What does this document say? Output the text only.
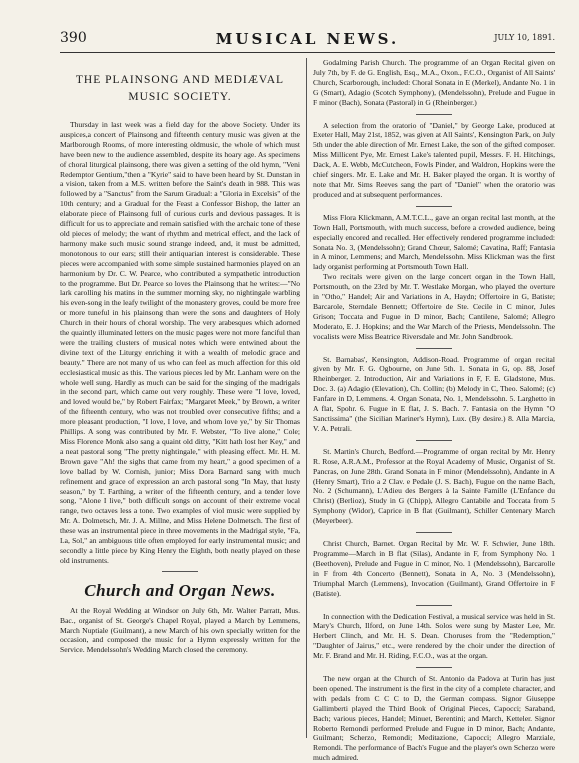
390	MUSICAL NEWS.	JULY 10, 1891.
THE PLAINSONG AND MEDIÆVAL MUSIC SOCIETY.

Thursday in last week was a field day for the above Society. Under its auspices,a concert of Plainsong and fifteenth century music was given at the Marlborough Rooms, of more interesting oldmusic, the whole of which must have been new to the audience assembled, despite its hoary age. As specimens of choral liturgical plainsong, there was given a setting of the old hymn, "Veni Redemptor Gentium,"then a "Kyrie" said to have been heard by St. Dunstan in a vision, taken from a M.S. written before the Saint's death in 988. This was followed by a "Sanctus" from the Sarum Gradual: a "Gloria in Excelsis" of the 10th century; and a Gradual for the Feast a Confessor Bishop, the latter an elaborate piece of Plainsong full of curious curls and devious passages. It is difficult for us to appreciate and remain satisfied with the archaic tone of these old pieces of melody; the want of rhythm and metrical effect, and the lack of harmony make such music sound strange indeed, and, it must be admitted, monotonous to our ears; still their antiquarian interest is considerable. These pieces were accompanied with some simple sustained harmonies played on an harmonium by Dr. C. W. Pearce, who contributed a sympathetic introduction to the programme. But Dr. Pearce so loves the Plainsong that he writes:—"No lark carolling his matins in the summer morning sky, no nightingale warbling his even-song in the leafy twilight of the monastery groves, could be more free or more tuneful in his plainsong than were the sons and daughters of Holy Church in their hours of choral worship. The very arabesques which adorned the quaintly illuminated letters on the music pages were not more fanciful than were the trailing clusters of musical notes which were entwined about the divine text of the Liturgy enriching it with a wealth of melodic grace and beauty." There are not many of us who can feel as much affection for this old ecclesiastical music as this. The various pieces led by Mr. Lanham were on the whole well sung. Hardly as much can be said for the singing of the madrigals in the second part, which came out very roughly. These were "I love, loved, and loved would be," by Robert Fairfax; "Margaret Meek," by Brown, a writer of the fifteenth century, who was not troubled over consecutive fifths; and a more pleasant production, "I love, I love, and whom love ye," by Sir Thomas Phillips. A song was contributed by Mr. F. Webster, "To live alone," Cole; Miss Florence Monk also sang a quaint old ditty, "Kitt hath lost her Key," and a neat pastoral song "The pretty nightingale," with pleasing effect. Mr. H. M. Brown gave "Ah! the sighs that came from my heart," a good specimen of a love ballad by W. Cornish, junior; Miss Dora Barnard sang with much refinement and grace of expression an arch pastoral song "In May, that lusty season," by T. Farthing, a writer of the fifteenth century, and a tender love song, "Alone I live," both difficult songs on account of their extreme vocal range, two octaves less a tone. Two examples of viol music were supplied by Mr. A. Dolmetsch, Mr. J. A. Millne, and Miss Helene Dolmetsch. The first of these was an instrumental piece in three movements in the Madrigal style, "Fa, La, Sol," an ambiguous title often employed for early instrumental music; and secondly a little piece by King Henry the Eighth, both neatly played on these old instruments.

Church and Organ News.

At the Royal Wedding at Windsor on July 6th, Mr. Walter Parratt, Mus. Bac., organist of St. George's Chapel Royal, played a March by Lemmens, March Nuptiale (Guilmant), a new March of his own specially written for the occasion, and composed the music for a Hymn expressly written for the Service. Mendelssohn's Wedding March closed the ceremony.

Godalming Parish Church. The programme of an Organ Recital given on July 7th, by F. de G. English, Esq., M.A., Oxon., F.C.O., Organist of All Saints' Church, Scarborough, included: Choral Sonata in E (Merkel), Andante No. 1 in G (Smart), Adagio (Scotch Symphony), (Mendelssohn), Prelude and Fugue in F minor (Bach), Sonata (Pastoral) in G (Rheinberger.)

A selection from the oratorio of "Daniel," by George Lake, produced at Exeter Hall, May 21st, 1852, was given at All Saints', Kensington Park, on July 5th under the able direction of Mr. Ernest Lake, the son of the gifted composer. Miss Millicent Pye, Mr. Ernest Lake's talented pupil, Messrs. F. H. Hitchings, Dack, A. E. Webb, McCutcheon, Fowls Pinder, and Waldron, Hopkins were the chief singers. Mr. E. Lake and Mr. H. Baker played the organ. It is worthy of note that Mr. Sims Reeves sang the part of "Daniel" when the oratorio was produced and at subsequent performances.

Miss Flora Klickmann, A.M.T.C.L., gave an organ recital last month, at the Town Hall, Portsmouth, with much success, before a crowded audience, being especially encored and recalled. Her effectively rendered programme included: Sonata No. 3, (Mendelssohn); Grand Chœur, Salomé; Cavatina, Raff; Fantasia in A minor, Lemmens; and March, Mendelssohn. Miss Klickman was the first lady organist performing at Portsmouth Town Hall.

Two recitals were given on the large concert organ in the Town Hall, Portsmouth, on the 23rd by Mr. T. Westlake Morgan, who played the overture in "Otho," Handel; Air and Variations in A, Haydn; Offertoire in G, Batiste; Barcarole, Sterndale Bennett; Offertoire de Ste. Cecile in C minor, Jules Grison; Toccata and Fugue in D minor, Bach; Cantilene, Salomé; Allegro Moderato, E. J. Hopkins; and the War March of the Priests, Mendelssohn. The vocalists were Miss Beatrice Riversdale and Mr. John Sandbrook.

St. Barnabas', Kensington, Addison-Road. Programme of organ recital given by Mr. F. G. Ogbourne, on June 5th. 1. Sonata in G, op. 88, Josef Rheinberger. 2. Introduction, Air and Variations in F, F. E. Gladstone, Mus. Doc. 3. (a) Adagio (Elevation), Ch. Collin; (b) Melody in C, Theo. Salomé; (c) Fanfare in D, Lemmens. 4. Organ Sonata, No. 1, Mendelssohn. 5. Larghetto in A flat, Spohr. 6. Fugue in E flat, J. S. Bach. 7. Fantasia on the Hymn "O Sanctissima" (the Sicilian Mariner's Hymn), Lux. (By desire.) 8. Alla Marcia, V. A. Petrali.

St. Martin's Church, Bedford.—Programme of organ recital by Mr. Henry R. Rose, A.R.A.M., Professor at the Royal Academy of Music, Organist of St. Pancras, on June 28th. Grand Sonata in F minor (Mendelssohn), Andante in A (Henry Smart), Trio a 2 Clav. e Pedale (J. S. Bach), Fugue on the name Bach, No. 2 (Schumann), L'Adieu des Bergers à la Sainte Famille (L'Enfance du Christ) (Berlioz), Study in G (Chipp), Allegro Cantabile and Toccata from 5 Symphony (Widor), Caprice in B flat (Guilmant), Schiller Centenary March (Meyerbeer).

Christ Church, Barnet. Organ Recital by Mr. W. F. Schwier, June 18th. Programme—March in B flat (Silas), Andante in F, from Symphony No. 1 (Beethoven), Prelude and Fugue in C minor, No. 1 (Mendelssohn), Barcarolle in F from 4th Concerto (Bennett), Sonata in A, No. 3 (Mendelssohn), Triumphal March (Lemmens), Invocation (Guilmant), Grand Offertoire in F (Batiste).

In connection with the Dedication Festival, a musical service was held in St. Mary's Church, Ilford, on June 14th. Solos were sung by Master Lee, Mr. Herbert Clinch, and Mr. H. S. Dean. Choruses from the "Redemption," "Daughter of Jairus," etc., were rendered by the choir under the direction of Mr. F. Brand and Mr. H. Riding, F.C.O., was at the organ.

The new organ at the Church of St. Antonio da Padova at Turin has just been opened. The instrument is the first in the city of a complete character, and with pedals from C C C to D, the German compass. Signor Giuseppe Gallimberti played the Third Book of Original Pieces, Capocci; Saraband, Bach; various pieces, Handel; Minuet, Berentini; and March, Ketteler. Signor Roberto Remondi performed Prelude and Fugue in D minor, Bach; Andante, Guilmant; Scherzo, Remondi; Meditazione, Capocci; Allegro Marziale, Remondi. The performance of Bach's Fugue and the player's own Scherzo were much admired.
